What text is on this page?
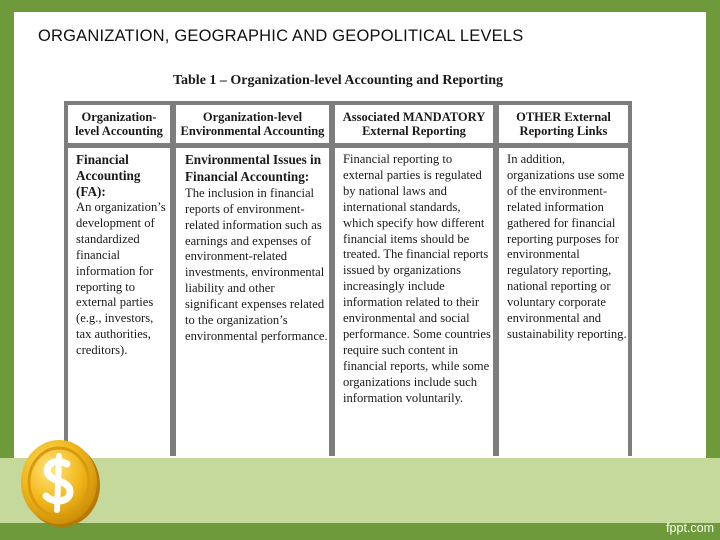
ORGANIZATION, GEOGRAPHIC AND GEOPOLITICAL LEVELS
Table 1 – Organization-level Accounting and Reporting
Organization-
level Accounting
Organization-level
Environmental Accounting
Associated MANDATORY
External Reporting
OTHER External
Reporting Links
Financial Accounting (FA):
An organization’s development of standardized financial information for reporting to external parties (e.g., investors, tax authorities, creditors).
Environmental Issues in Financial Accounting: The inclusion in financial reports of environment-related information such as earnings and expenses of environment-related investments, environmental liability and other significant expenses related to the organization’s environmental performance.
Financial reporting to external parties is regulated by national laws and international standards, which specify how different financial items should be treated. The financial reports issued by organizations increasingly include information related to their environmental and social performance. Some countries require such content in financial reports, while some organizations include such information voluntarily.
In addition, organizations use some of the environment-related information gathered for financial reporting purposes for environmental regulatory reporting, national reporting or voluntary corporate environmental and sustainability reporting.
fppt.com
